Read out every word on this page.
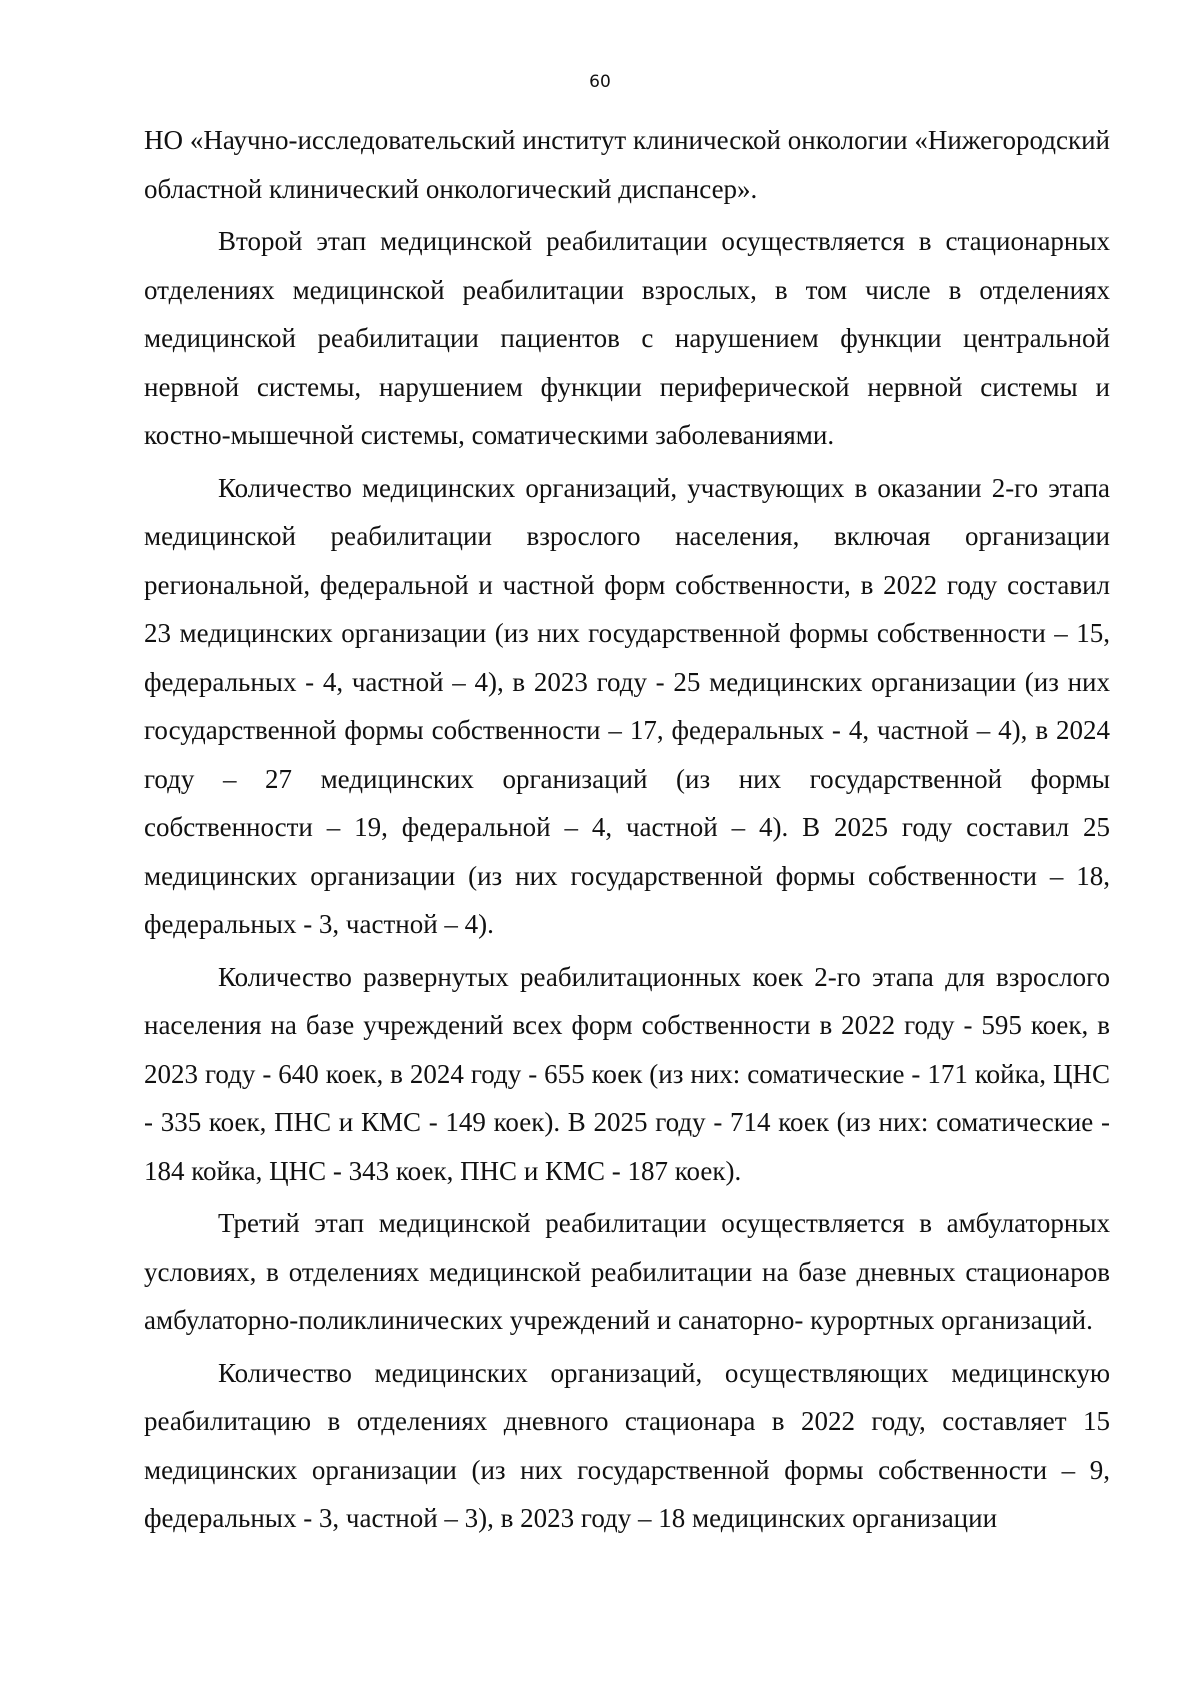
60
НО «Научно-исследовательский институт клинической онкологии «Нижегородский областной клинический онкологический диспансер».
Второй этап медицинской реабилитации осуществляется в стационарных отделениях медицинской реабилитации взрослых, в том числе в отделениях медицинской реабилитации пациентов с нарушением функции центральной нервной системы, нарушением функции периферической нервной системы и костно-мышечной системы, соматическими заболеваниями.
Количество медицинских организаций, участвующих в оказании 2-го этапа медицинской реабилитации взрослого населения, включая организации региональной, федеральной и частной форм собственности, в 2022 году составил 23 медицинских организации (из них государственной формы собственности – 15, федеральных - 4, частной – 4), в 2023 году - 25 медицинских организации (из них государственной формы собственности – 17, федеральных - 4, частной – 4), в 2024 году – 27 медицинских организаций (из них государственной формы собственности – 19, федеральной – 4, частной – 4). В 2025 году составил 25 медицинских организации (из них государственной формы собственности – 18, федеральных - 3, частной – 4).
Количество развернутых реабилитационных коек 2-го этапа для взрослого населения на базе учреждений всех форм собственности в 2022 году - 595 коек, в 2023 году - 640 коек, в 2024 году - 655 коек (из них: соматические - 171 койка, ЦНС - 335 коек, ПНС и КМС - 149 коек). В 2025 году - 714 коек (из них: соматические - 184 койка, ЦНС - 343 коек, ПНС и КМС - 187 коек).
Третий этап медицинской реабилитации осуществляется в амбулаторных условиях, в отделениях медицинской реабилитации на базе дневных стационаров амбулаторно-поликлинических учреждений и санаторно- курортных организаций.
Количество медицинских организаций, осуществляющих медицинскую реабилитацию в отделениях дневного стационара в 2022 году, составляет 15 медицинских организации (из них государственной формы собственности – 9, федеральных - 3, частной – 3), в 2023 году – 18 медицинских организации
